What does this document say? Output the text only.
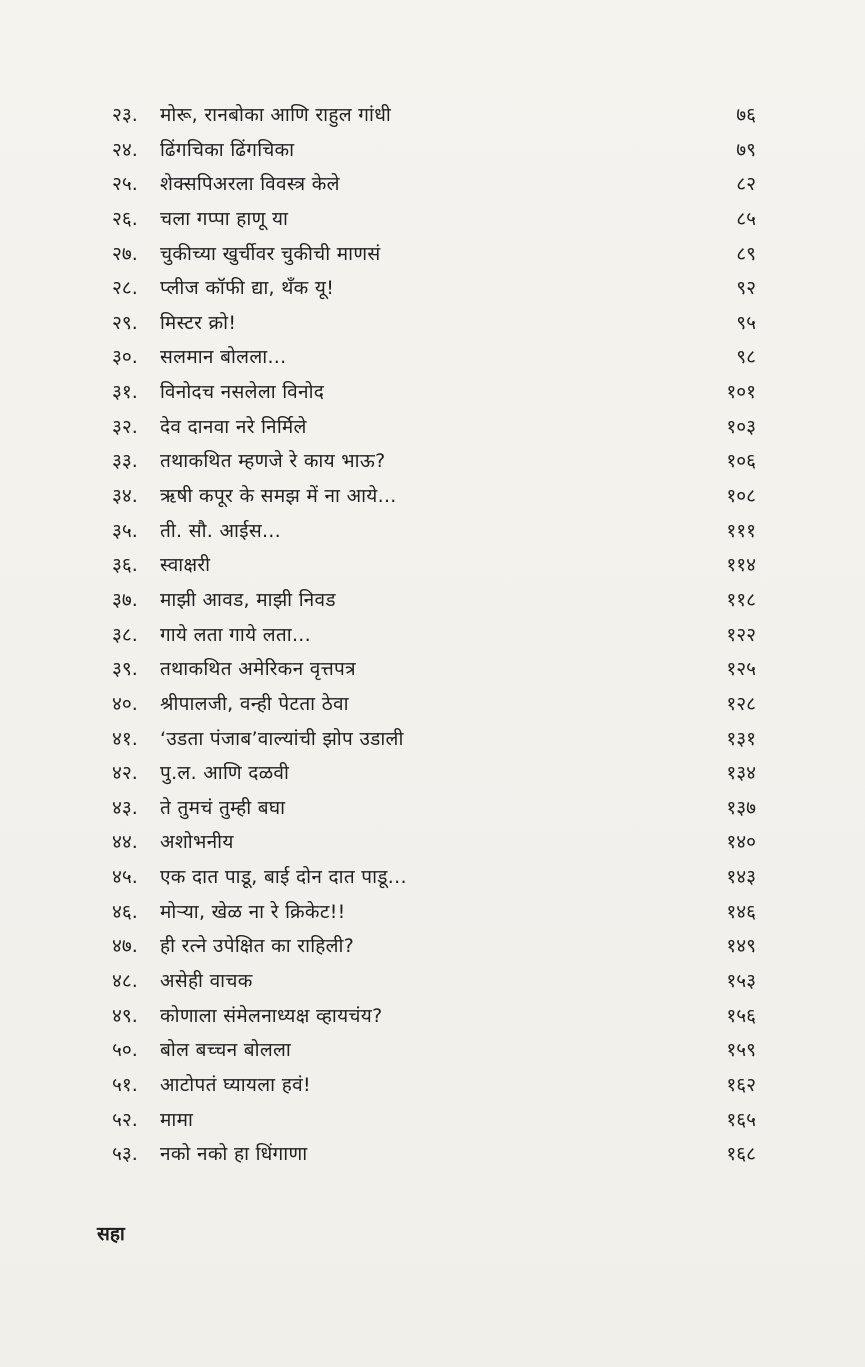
२३.	मोरू, रानबोका आणि राहुल गांधी	७६
२४.	ढिंगचिका ढिंगचिका	७९
२५.	शेक्सपिअरला विवस्त्र केले	८२
२६.	चला गप्पा हाणू या	८५
२७.	चुकीच्या खुर्चीवर चुकीची माणसं	८९
२८.	प्लीज कॉफी द्या, थँक यू!	९२
२९.	मिस्टर क्रो!	९५
३०.	सलमान बोलला...	९८
३१.	विनोदच नसलेला विनोद	१०१
३२.	देव दानवा नरे निर्मिले	१०३
३३.	तथाकथित म्हणजे रे काय भाऊ?	१०६
३४.	ऋषी कपूर के समझ में ना आये...	१०८
३५.	ती. सौ. आईस...	१११
३६.	स्वाक्षरी	११४
३७.	माझी आवड, माझी निवड	११८
३८.	गाये लता गाये लता...	१२२
३९.	तथाकथित अमेरिकन वृत्तपत्र	१२५
४०.	श्रीपालजी, वन्ही पेटता ठेवा	१२८
४१.	‘उडता पंजाब’वाल्यांची झोप उडाली	१३१
४२.	पु.ल. आणि दळवी	१३४
४३.	ते तुमचं तुम्ही बघा	१३७
४४.	अशोभनीय	१४०
४५.	एक दात पाडू, बाई दोन दात पाडू...	१४३
४६.	मोऱ्या, खेळ ना रे क्रिकेट!!	१४६
४७.	ही रत्ने उपेक्षित का राहिली?	१४९
४८.	असेही वाचक	१५३
४९.	कोणाला संमेलनाध्यक्ष व्हायचंय?	१५६
५०.	बोल बच्चन बोलला	१५९
५१.	आटोपतं घ्यायला हवं!	१६२
५२.	मामा	१६५
५३.	नको नको हा धिंगाणा	१६८
सहा
